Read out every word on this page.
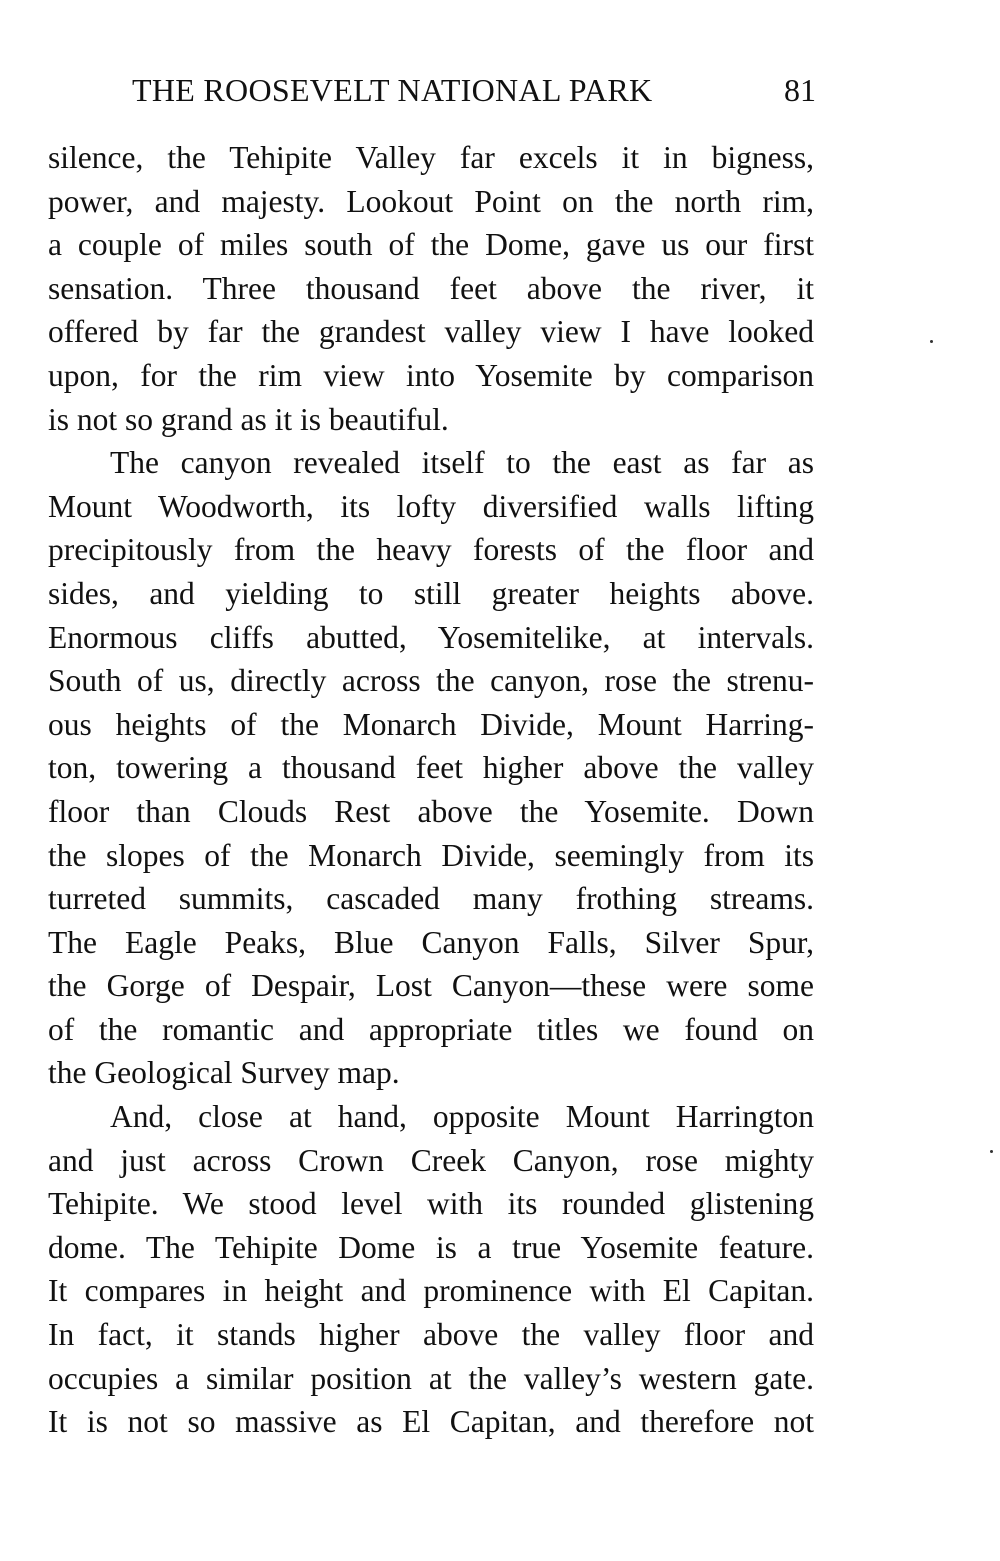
THE ROOSEVELT NATIONAL PARK	81
silence, the Tehipite Valley far excels it in bigness,
power, and majesty. Lookout Point on the north rim,
a couple of miles south of the Dome, gave us our first
sensation. Three thousand feet above the river, it
offered by far the grandest valley view I have looked
upon, for the rim view into Yosemite by comparison
is not so grand as it is beautiful.
The canyon revealed itself to the east as far as
Mount Woodworth, its lofty diversified walls lifting
precipitously from the heavy forests of the floor and
sides, and yielding to still greater heights above.
Enormous cliffs abutted, Yosemitelike, at intervals.
South of us, directly across the canyon, rose the strenu-
ous heights of the Monarch Divide, Mount Harring-
ton, towering a thousand feet higher above the valley
floor than Clouds Rest above the Yosemite. Down
the slopes of the Monarch Divide, seemingly from its
turreted summits, cascaded many frothing streams.
The Eagle Peaks, Blue Canyon Falls, Silver Spur,
the Gorge of Despair, Lost Canyon—these were some
of the romantic and appropriate titles we found on
the Geological Survey map.
And, close at hand, opposite Mount Harrington
and just across Crown Creek Canyon, rose mighty
Tehipite. We stood level with its rounded glistening
dome. The Tehipite Dome is a true Yosemite feature.
It compares in height and prominence with El Capitan.
In fact, it stands higher above the valley floor and
occupies a similar position at the valley’s western gate.
It is not so massive as El Capitan, and therefore not
